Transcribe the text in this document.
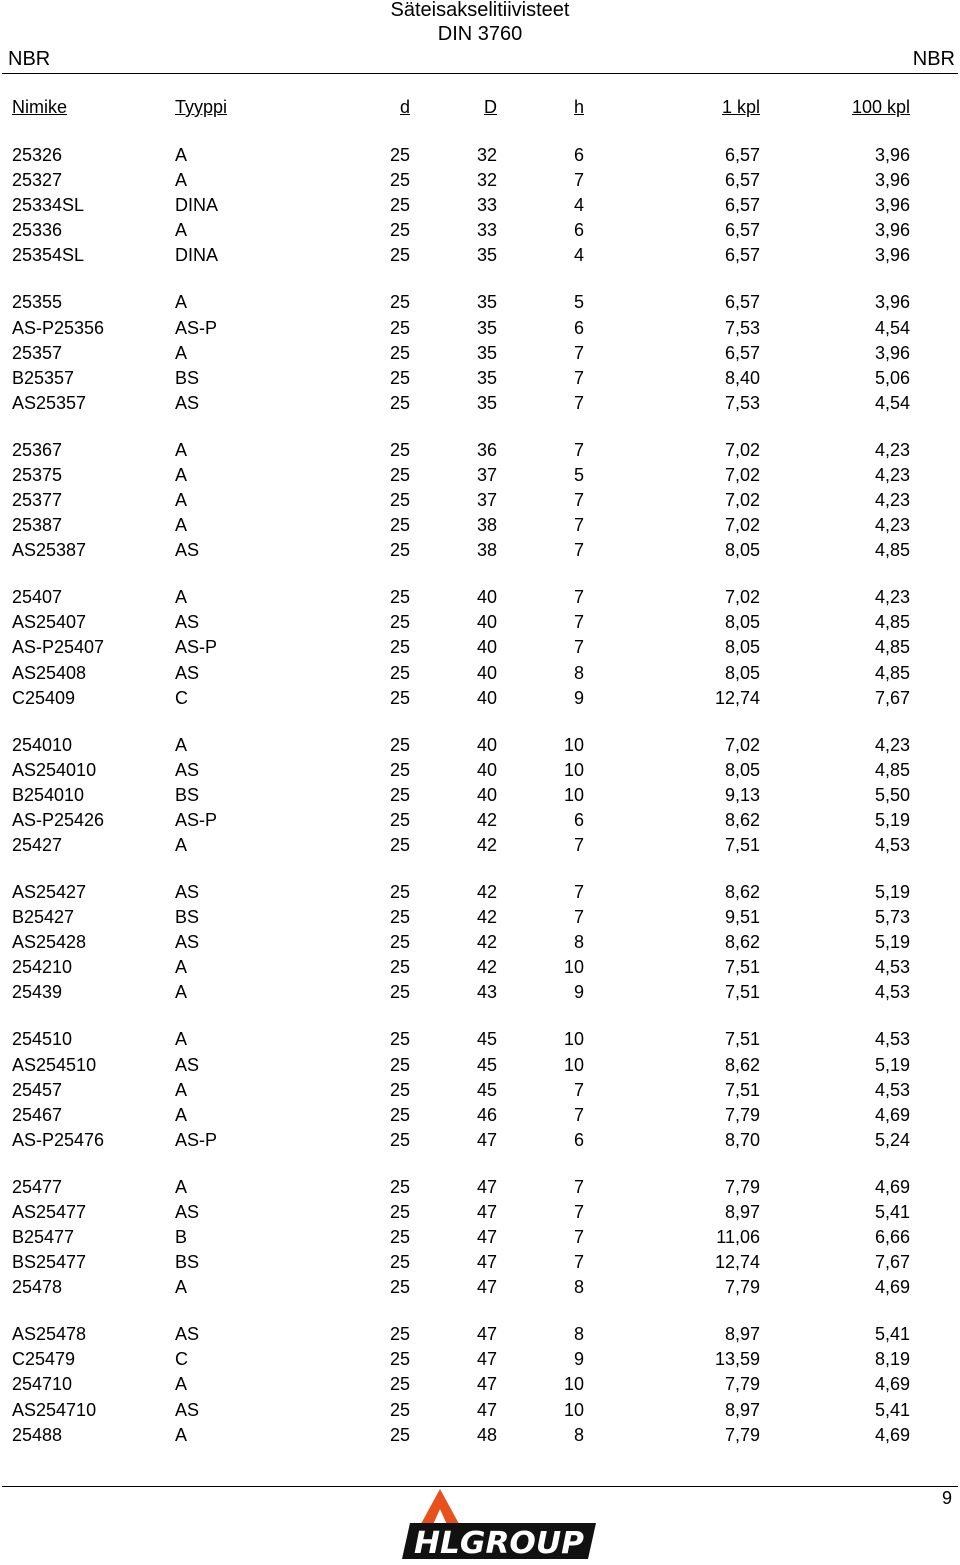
Säteisakselitiivisteet
DIN 3760
NBR	NBR
Nimike	Tyyppi	d	D	h	1 kpl	100 kpl
25326	A	25	32	6	6,57	3,96
25327	A	25	32	7	6,57	3,96
25334SL	DINA	25	33	4	6,57	3,96
25336	A	25	33	6	6,57	3,96
25354SL	DINA	25	35	4	6,57	3,96
25355	A	25	35	5	6,57	3,96
AS-P25356	AS-P	25	35	6	7,53	4,54
25357	A	25	35	7	6,57	3,96
B25357	BS	25	35	7	8,40	5,06
AS25357	AS	25	35	7	7,53	4,54
25367	A	25	36	7	7,02	4,23
25375	A	25	37	5	7,02	4,23
25377	A	25	37	7	7,02	4,23
25387	A	25	38	7	7,02	4,23
AS25387	AS	25	38	7	8,05	4,85
25407	A	25	40	7	7,02	4,23
AS25407	AS	25	40	7	8,05	4,85
AS-P25407	AS-P	25	40	7	8,05	4,85
AS25408	AS	25	40	8	8,05	4,85
C25409	C	25	40	9	12,74	7,67
254010	A	25	40	10	7,02	4,23
AS254010	AS	25	40	10	8,05	4,85
B254010	BS	25	40	10	9,13	5,50
AS-P25426	AS-P	25	42	6	8,62	5,19
25427	A	25	42	7	7,51	4,53
AS25427	AS	25	42	7	8,62	5,19
B25427	BS	25	42	7	9,51	5,73
AS25428	AS	25	42	8	8,62	5,19
254210	A	25	42	10	7,51	4,53
25439	A	25	43	9	7,51	4,53
254510	A	25	45	10	7,51	4,53
AS254510	AS	25	45	10	8,62	5,19
25457	A	25	45	7	7,51	4,53
25467	A	25	46	7	7,79	4,69
AS-P25476	AS-P	25	47	6	8,70	5,24
25477	A	25	47	7	7,79	4,69
AS25477	AS	25	47	7	8,97	5,41
B25477	B	25	47	7	11,06	6,66
BS25477	BS	25	47	7	12,74	7,67
25478	A	25	47	8	7,79	4,69
AS25478	AS	25	47	8	8,97	5,41
C25479	C	25	47	9	13,59	8,19
254710	A	25	47	10	7,79	4,69
AS254710	AS	25	47	10	8,97	5,41
25488	A	25	48	8	7,79	4,69
9
HLGROUP
